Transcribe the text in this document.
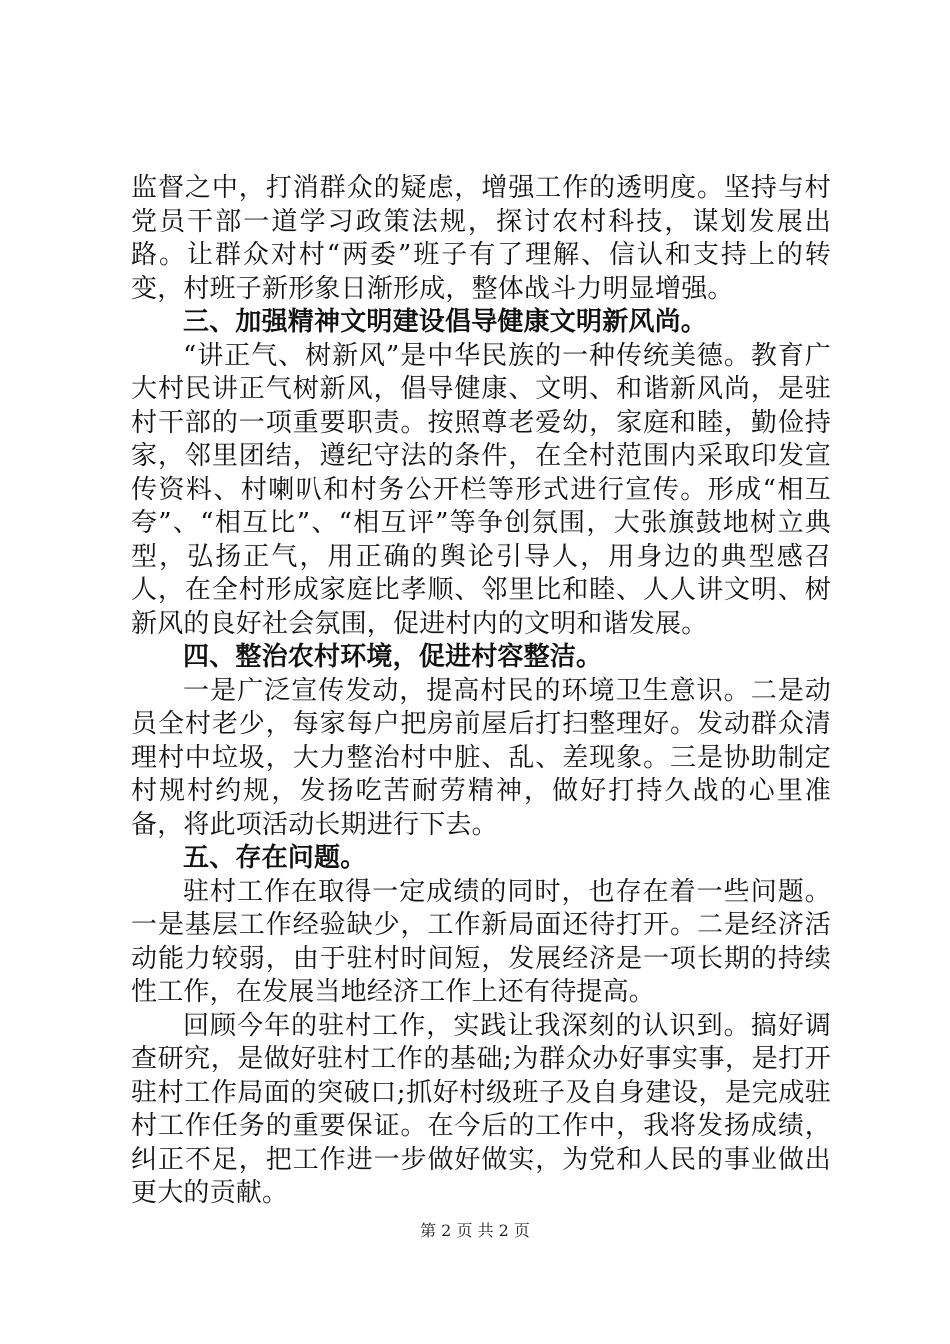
监督之中，打消群众的疑虑，增强工作的透明度。坚持与村党员干部一道学习政策法规，探讨农村科技，谋划发展出路。让群众对村“两委”班子有了理解、信认和支持上的转变，村班子新形象日渐形成，整体战斗力明显增强。

三、加强精神文明建设倡导健康文明新风尚。

“讲正气、树新风”是中华民族的一种传统美德。教育广大村民讲正气树新风，倡导健康、文明、和谐新风尚，是驻村干部的一项重要职责。按照尊老爱幼，家庭和睦，勤俭持家，邻里团结，遵纪守法的条件，在全村范围内采取印发宣传资料、村喇叭和村务公开栏等形式进行宣传。形成“相互夸”、“相互比”、“相互评”等争创氛围，大张旗鼓地树立典型，弘扬正气，用正确的舆论引导人，用身边的典型感召人，在全村形成家庭比孝顺、邻里比和睦、人人讲文明、树新风的良好社会氛围，促进村内的文明和谐发展。

四、整治农村环境，促进村容整洁。

一是广泛宣传发动，提高村民的环境卫生意识。二是动员全村老少，每家每户把房前屋后打扫整理好。发动群众清理村中垃圾，大力整治村中脏、乱、差现象。三是协助制定村规村约规，发扬吃苦耐劳精神，做好打持久战的心里准备，将此项活动长期进行下去。

五、存在问题。

驻村工作在取得一定成绩的同时，也存在着一些问题。一是基层工作经验缺少，工作新局面还待打开。二是经济活动能力较弱，由于驻村时间短，发展经济是一项长期的持续性工作，在发展当地经济工作上还有待提高。

回顾今年的驻村工作，实践让我深刻的认识到。搞好调查研究，是做好驻村工作的基础;为群众办好事实事，是打开驻村工作局面的突破口;抓好村级班子及自身建设，是完成驻村工作任务的重要保证。在今后的工作中，我将发扬成绩，纠正不足，把工作进一步做好做实，为党和人民的事业做出更大的贡献。

第 2 页 共 2 页
